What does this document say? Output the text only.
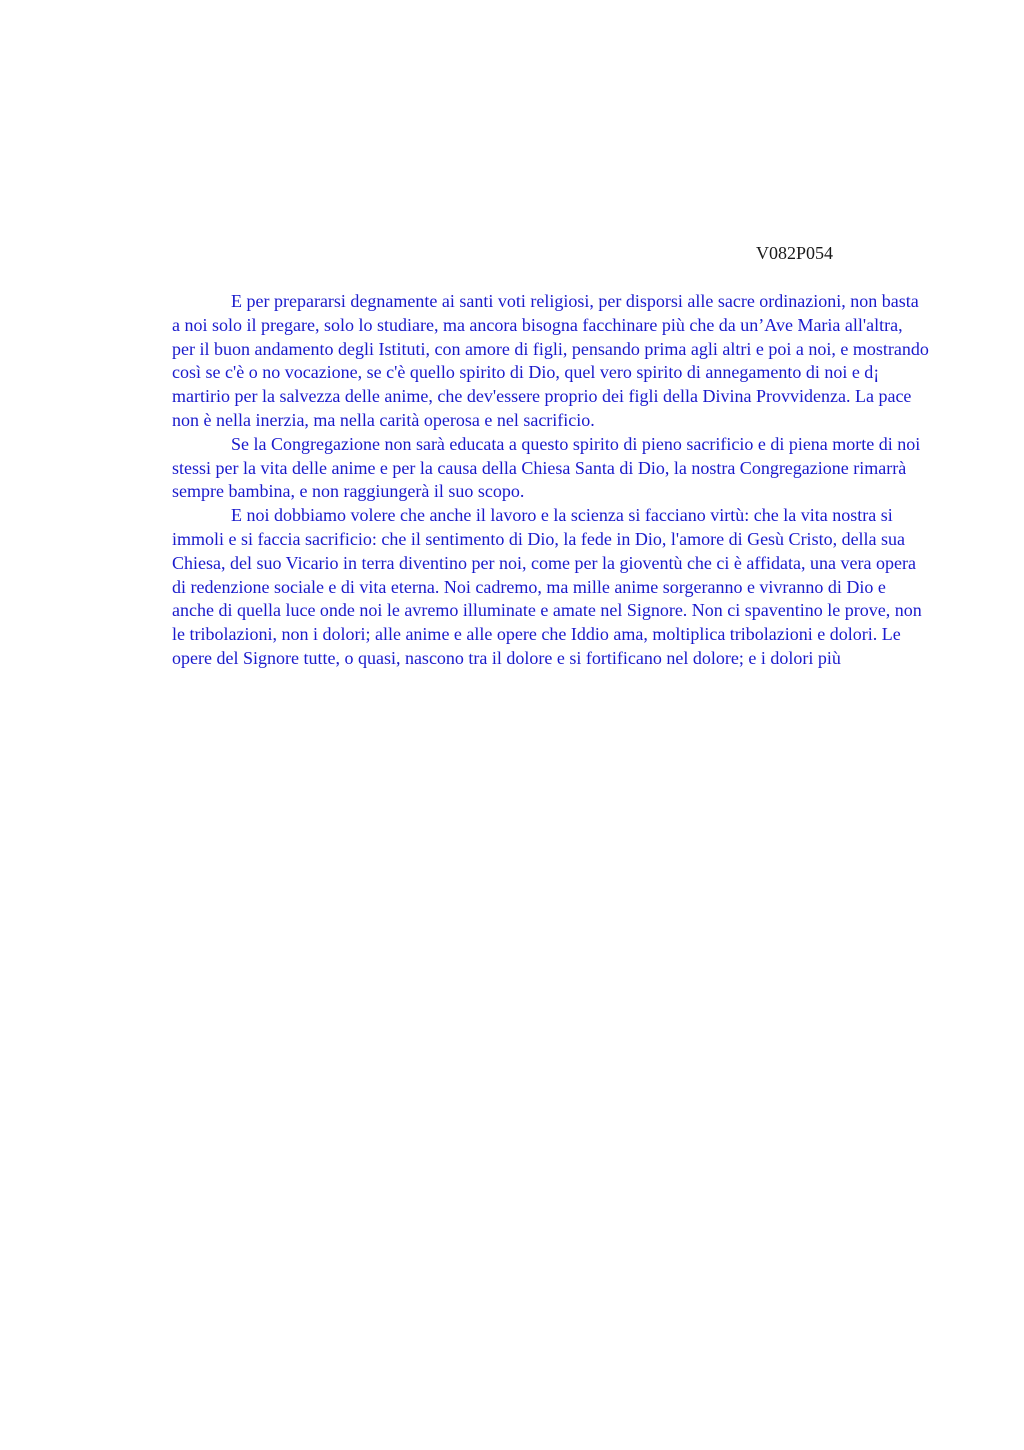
V082P054

E per prepararsi degnamente ai santi voti religiosi, per disporsi alle sacre ordinazioni, non basta a noi solo il pregare, solo lo studiare, ma ancora bisogna facchinare più che da un’Ave Maria all'altra, per il buon andamento degli Istituti, con amore di figli, pensando prima agli altri e poi a noi, e mostrando così se c'è o no vocazione, se c'è quello spirito di Dio, quel vero spirito di annegamento di noi e d¡ martirio per la salvezza delle anime, che dev'essere proprio dei figli della Divina Provvidenza. La pace non è nella inerzia, ma nella carità operosa e nel sacrificio.

Se la Congregazione non sarà educata a questo spirito di pieno sacrificio e di piena morte di noi stessi per la vita delle anime e per la causa della Chiesa Santa di Dio, la nostra Congregazione rimarrà sempre bambina, e non raggiungerà il suo scopo.

E noi dobbiamo volere che anche il lavoro e la scienza si facciano virtù: che la vita nostra si immoli e si faccia sacrificio: che il sentimento di Dio, la fede in Dio, l'amore di Gesù Cristo, della sua Chiesa, del suo Vicario in terra diventino per noi, come per la gioventù che ci è affidata, una vera opera di redenzione sociale e di vita eterna. Noi cadremo, ma mille anime sorgeranno e vivranno di Dio e anche di quella luce onde noi le avremo illuminate e amate nel Signore. Non ci spaventino le prove, non le tribolazioni, non i dolori; alle anime e alle opere che Iddio ama, moltiplica tribolazioni e dolori. Le opere del Signore tutte, o quasi, nascono tra il dolore e si fortificano nel dolore; e i dolori più
